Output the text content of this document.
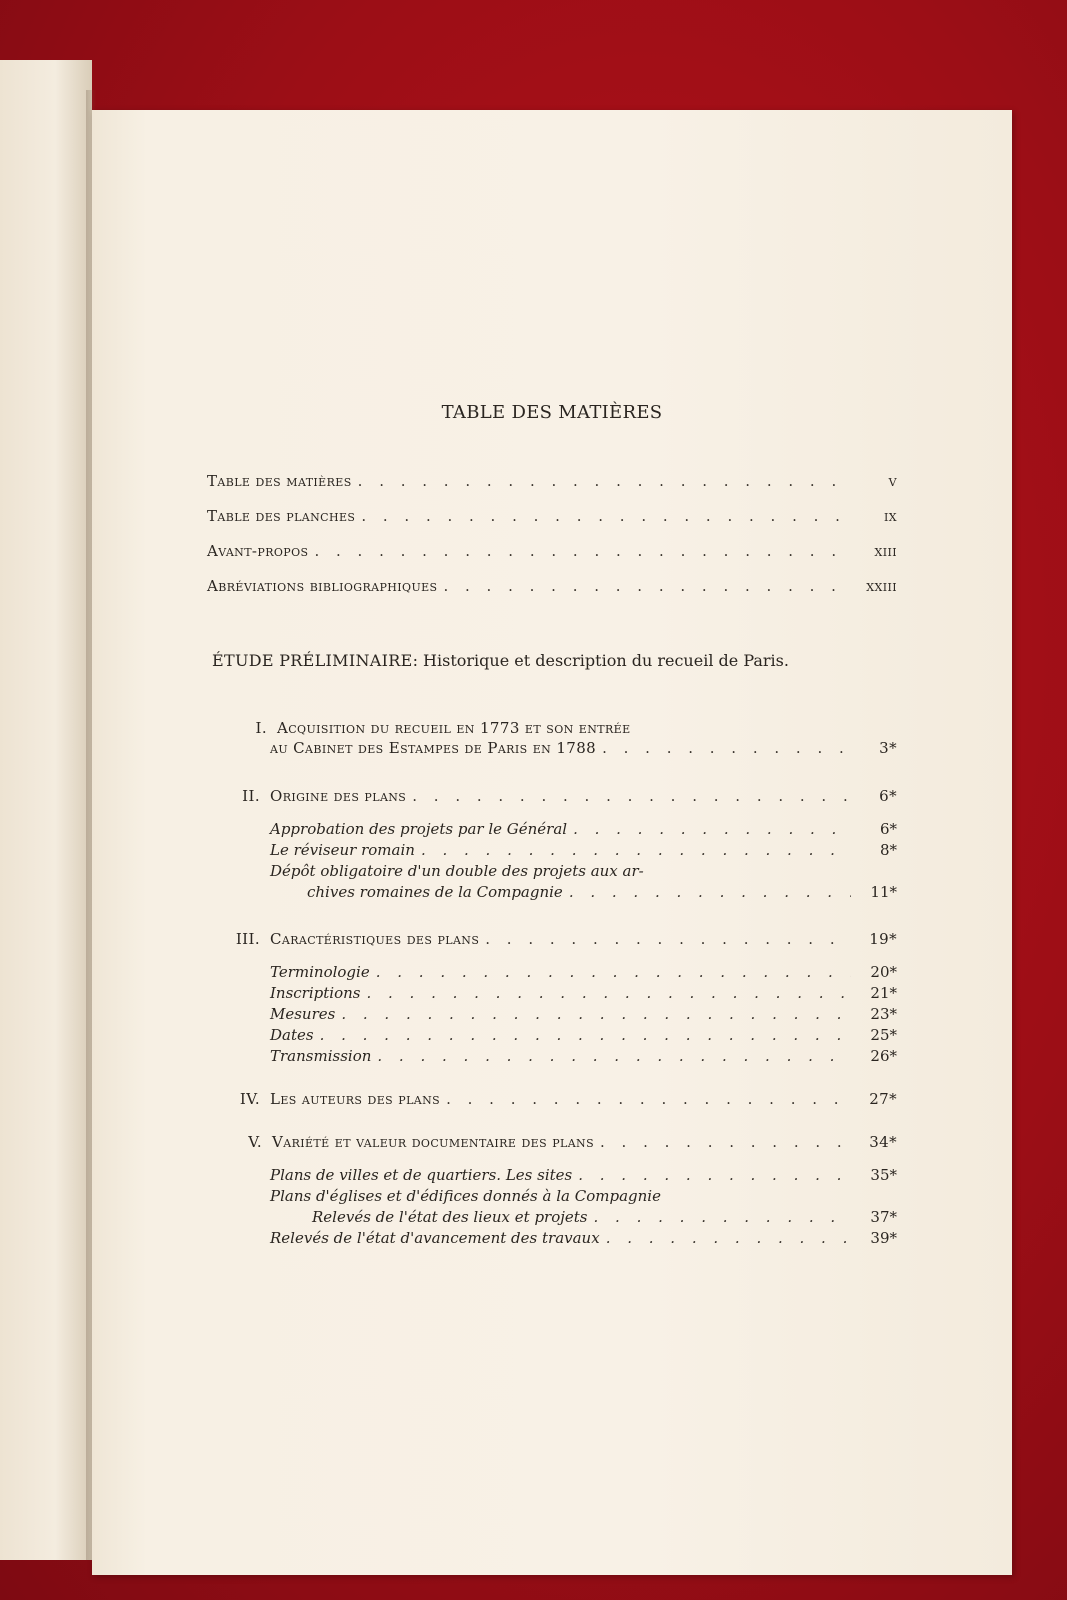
TABLE DES MATIÈRES
Table des matières . . .	v
Table des planches . . .	ix
Avant-propos . . .	xiii
Abréviations bibliographiques . . .	xxiii
ÉTUDE PRÉLIMINAIRE: Historique et description du recueil de Paris.
I. Acquisition du recueil en 1773 et son entrée
au Cabinet des Estampes de Paris en 1788 . . .	3*
II. Origine des plans . . .	6*
Approbation des projets par le Général . . .	6*
Le réviseur romain . . .	8*
Dépôt obligatoire d'un double des projets aux ar-
chives romaines de la Compagnie . . .	11*
III. Caractéristiques des plans . . .	19*
Terminologie . . .	20*
Inscriptions . . .	21*
Mesures . . .	23*
Dates . . .	25*
Transmission . . .	26*
IV. Les auteurs des plans . . .	27*
V. Variété et valeur documentaire des plans . . .	34*
Plans de villes et de quartiers. Les sites . . .	35*
Plans d'églises et d'édifices donnés à la Compagnie
Relevés de l'état des lieux et projets . . .	37*
Relevés de l'état d'avancement des travaux . . .	39*
